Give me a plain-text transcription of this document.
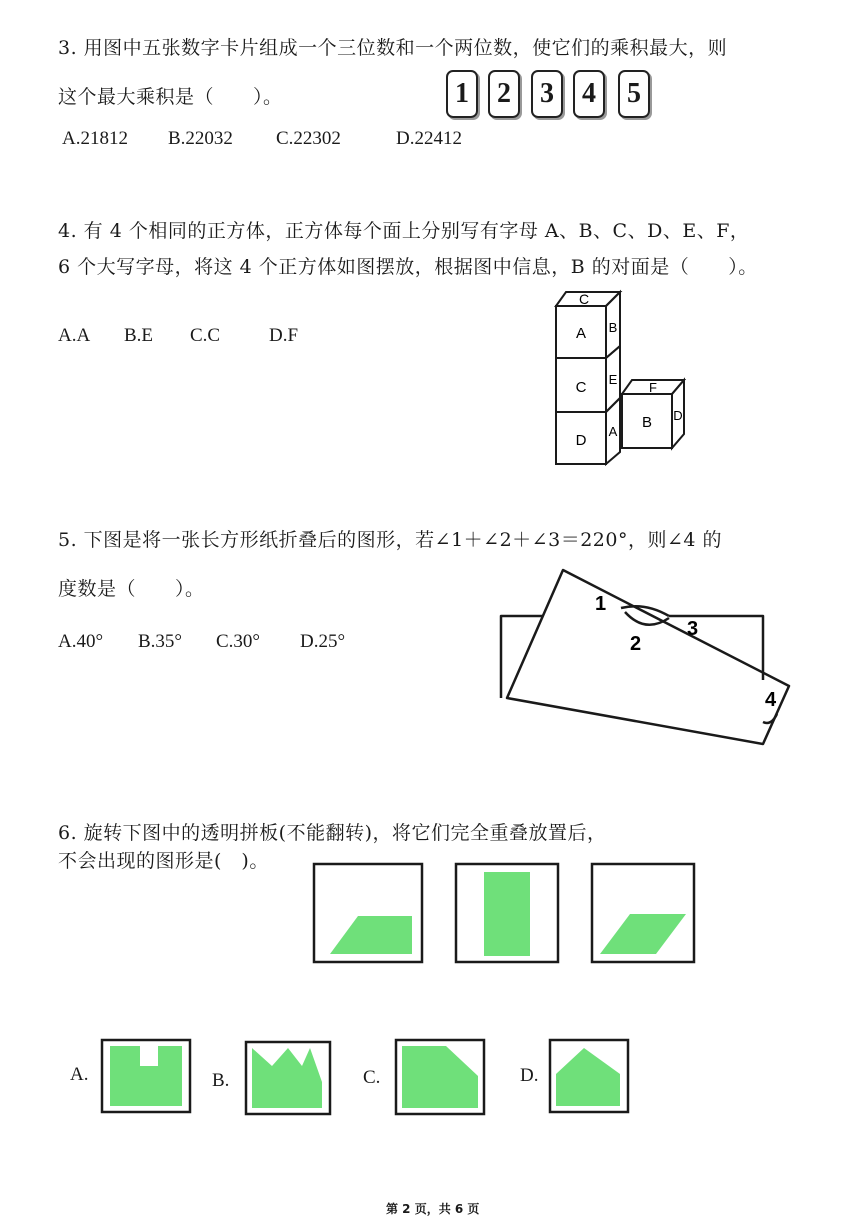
3. 用图中五张数字卡片组成一个三位数和一个两位数，使它们的乘积最大，则
这个最大乘积是（　　）。	1	2	3	4	5
A.21812 B.22032 C.22302	D.22412
4. 有 4 个相同的正方体，正方体每个面上分别写有字母 A、B、C、D、E、F，
6 个大写字母，将这 4 个正方体如图摆放，根据图中信息，B 的对面是（　　）。
A.A B.E C.C	D.F
C
A B
C E
D
A
F
B D
5. 下图是将一张长方形纸折叠后的图形，若∠1＋∠2＋∠3＝220°，则∠4 的
度数是（　　）。
A.40° B.35° C.30° D.25°
1
2
3
4
6. 旋转下图中的透明拼板(不能翻转)，将它们完全重叠放置后，
不会出现的图形是(　)。
A.	B.	C.	D.
第 2 页，共 6 页
